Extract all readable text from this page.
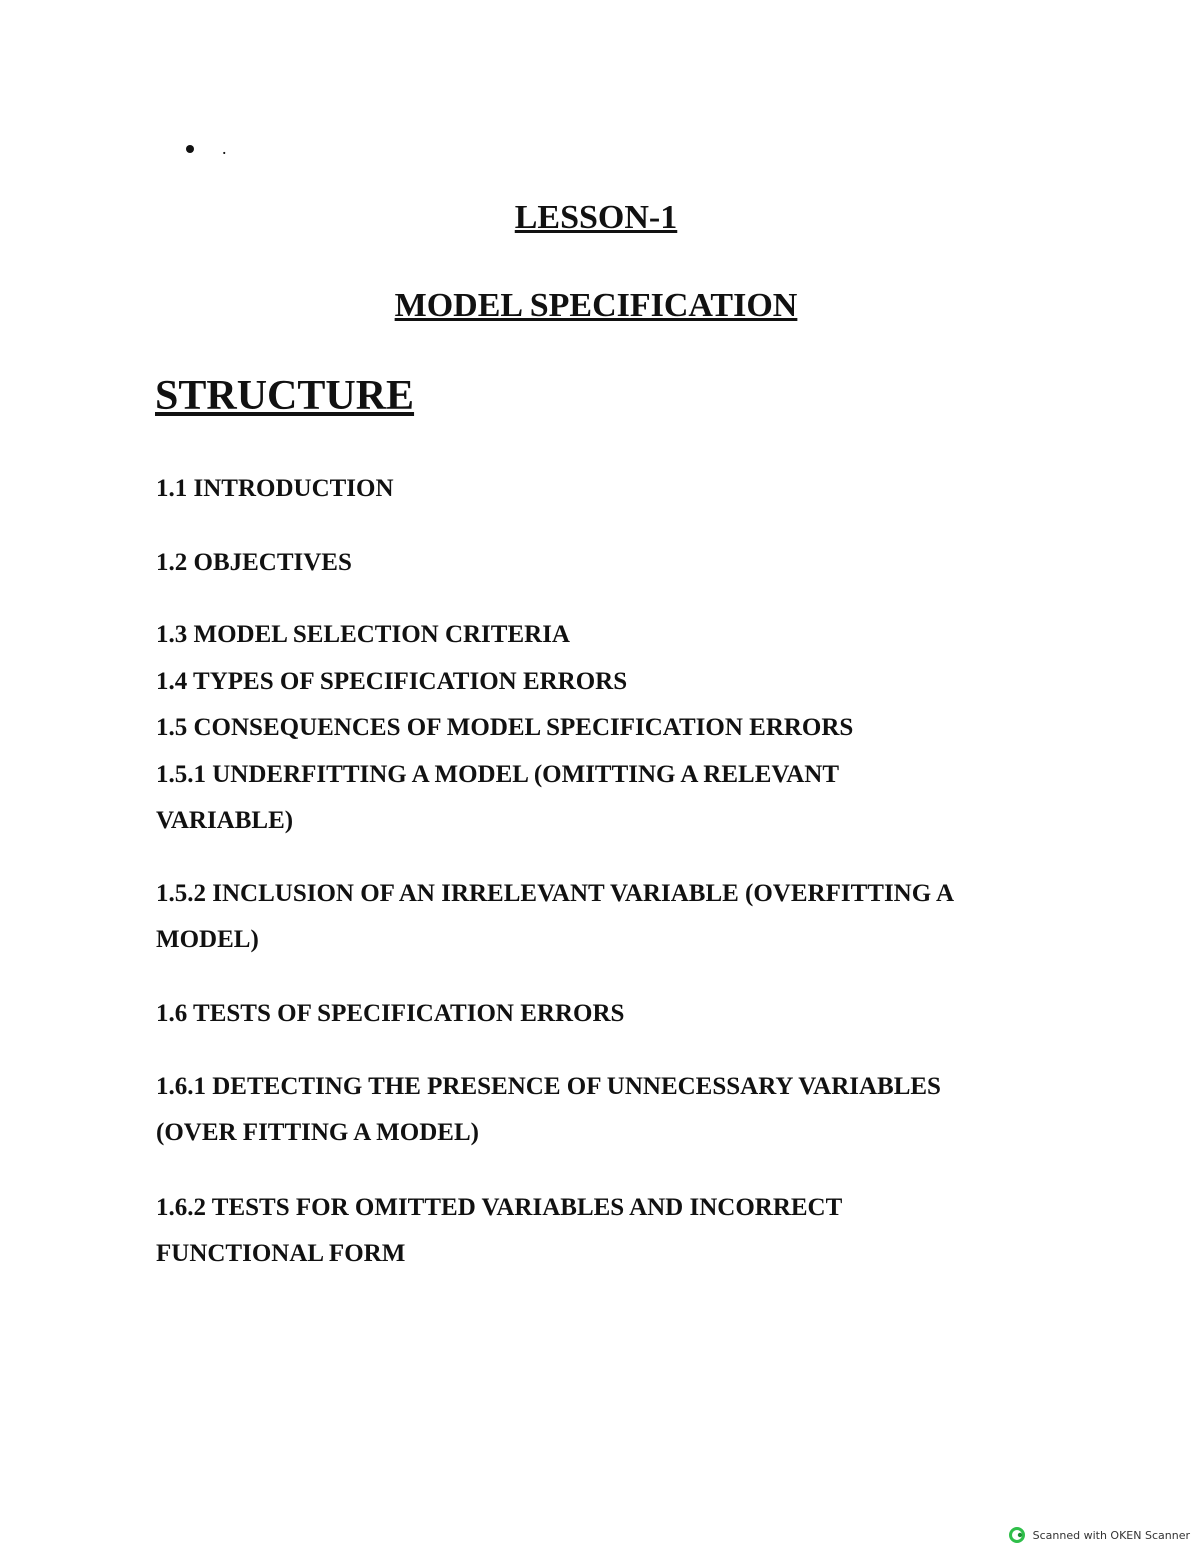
.
LESSON-1
MODEL SPECIFICATION
STRUCTURE
1.1 INTRODUCTION
1.2 OBJECTIVES
1.3 MODEL SELECTION CRITERIA
1.4 TYPES OF SPECIFICATION ERRORS
1.5 CONSEQUENCES OF MODEL SPECIFICATION ERRORS
1.5.1 UNDERFITTING A MODEL (OMITTING A RELEVANT
VARIABLE)
1.5.2 INCLUSION OF AN IRRELEVANT VARIABLE (OVERFITTING A
MODEL)
1.6 TESTS OF SPECIFICATION ERRORS
1.6.1 DETECTING THE PRESENCE OF UNNECESSARY VARIABLES
(OVER FITTING A MODEL)
1.6.2 TESTS FOR OMITTED VARIABLES AND INCORRECT
FUNCTIONAL FORM
Scanned with OKEN Scanner
